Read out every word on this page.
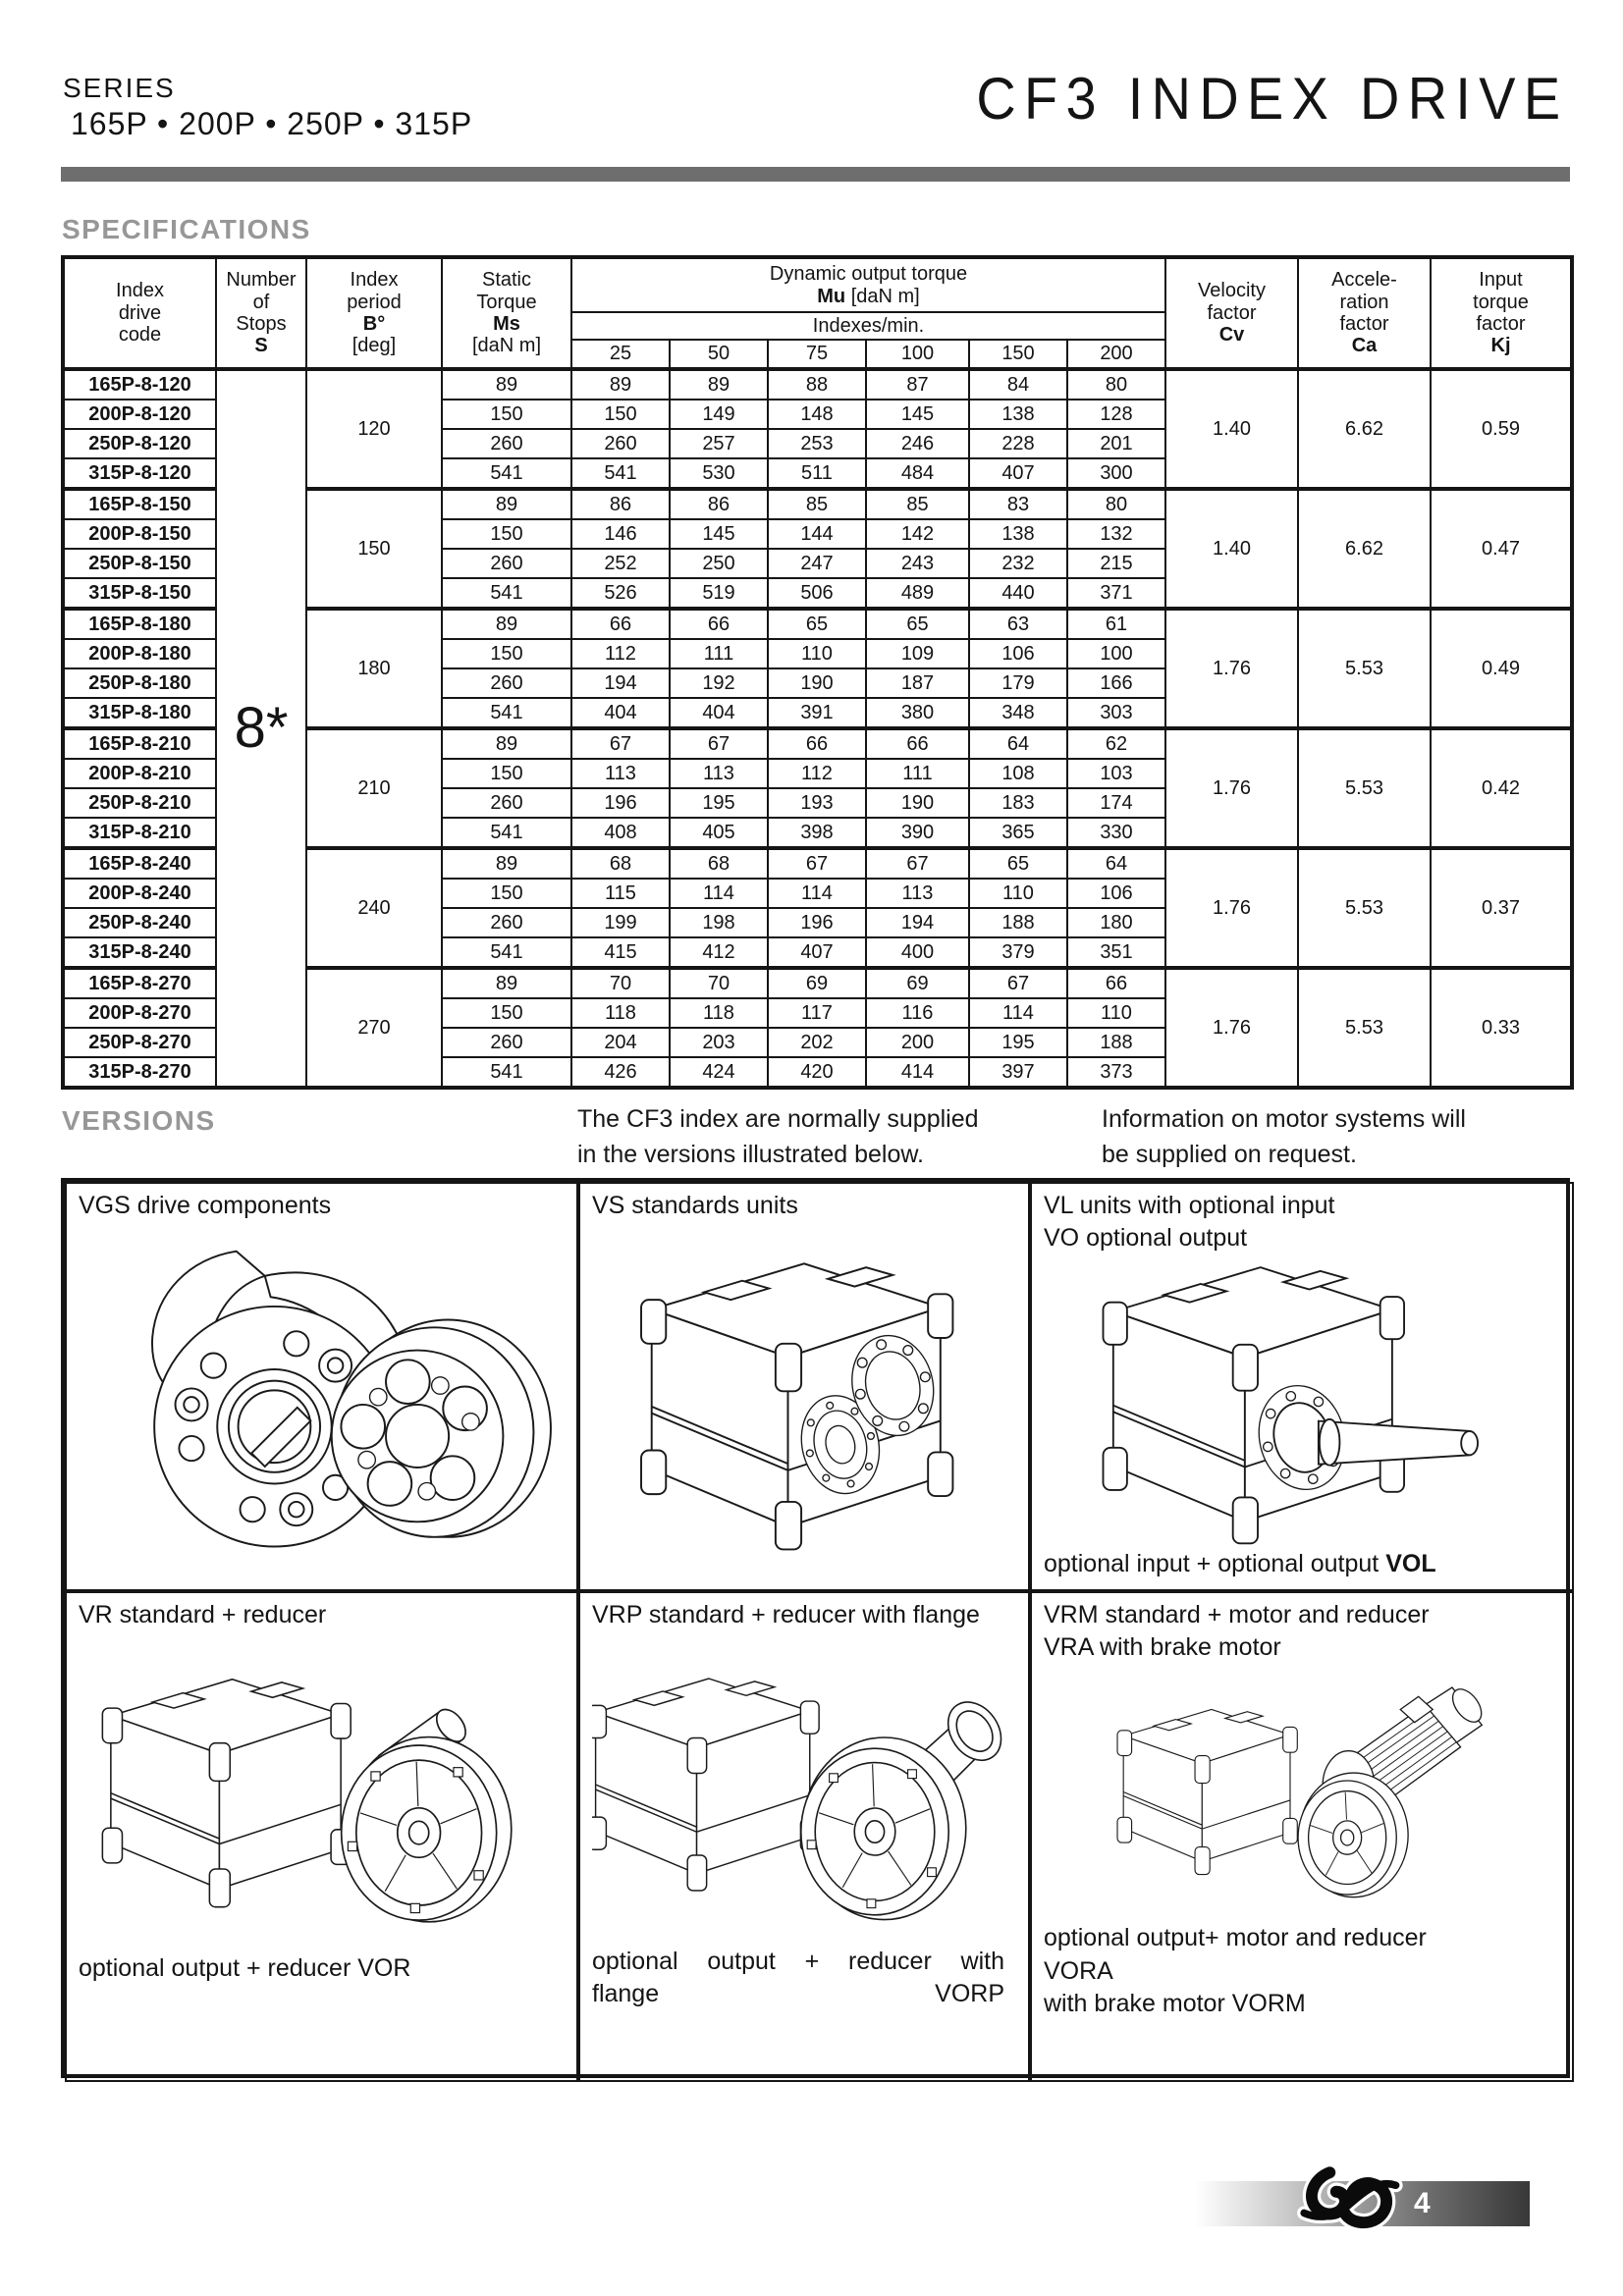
SERIES
165P • 200P • 250P • 315P	CF3 INDEX DRIVE
SPECIFICATIONS
Index
drive
code

Number
of
Stops
S

Index
period
B°
[deg]

Static
Torque
Ms
[daN m]

Dynamic output torque
Mu [daN m]	Velocity
factor
Cv

Accele-
ration
factor
Ca

Input
torque
factor
Kj

				Indexes/min.								
				25	50	75	100	150	200			
165P-8-120	8*	120	89	89	89	88	87	84	80	1.40	6.62	0.59
200P-8-120			150	150	149	148	145	138	128			
250P-8-120			260	260	257	253	246	228	201			
315P-8-120			541	541	530	511	484	407	300			
165P-8-150		150	89	86	86	85	85	83	80	1.40	6.62	0.47
200P-8-150			150	146	145	144	142	138	132			
250P-8-150			260	252	250	247	243	232	215			
315P-8-150			541	526	519	506	489	440	371			
165P-8-180		180	89	66	66	65	65	63	61	1.76	5.53	0.49
200P-8-180			150	112	111	110	109	106	100			
250P-8-180			260	194	192	190	187	179	166			
315P-8-180			541	404	404	391	380	348	303			
165P-8-210		210	89	67	67	66	66	64	62	1.76	5.53	0.42
200P-8-210			150	113	113	112	111	108	103			
250P-8-210			260	196	195	193	190	183	174			
315P-8-210			541	408	405	398	390	365	330			
165P-8-240		240	89	68	68	67	67	65	64	1.76	5.53	0.37
200P-8-240			150	115	114	114	113	110	106			
250P-8-240			260	199	198	196	194	188	180			
315P-8-240			541	415	412	407	400	379	351			
165P-8-270		270	89	70	70	69	69	67	66	1.76	5.53	0.33
200P-8-270			150	118	118	117	116	114	110			
250P-8-270			260	204	203	202	200	195	188			
315P-8-270			541	426	424	420	414	397	373			
VERSIONS	The CF3 index are normally supplied
in the versions illustrated below.
Information on motor systems will
be supplied on request.
VGS drive components	VS standards units	VL units with optional input
VO optional output
optional input + optional output VOL
VR standard + reducer
optional output + reducer VOR
VRP standard + reducer with flange
optional output + reducer with
flange VORP
VRM standard + motor and reducer
VRA with brake motor
optional output+ motor and reducer
VORA
with brake motor VORM
4
